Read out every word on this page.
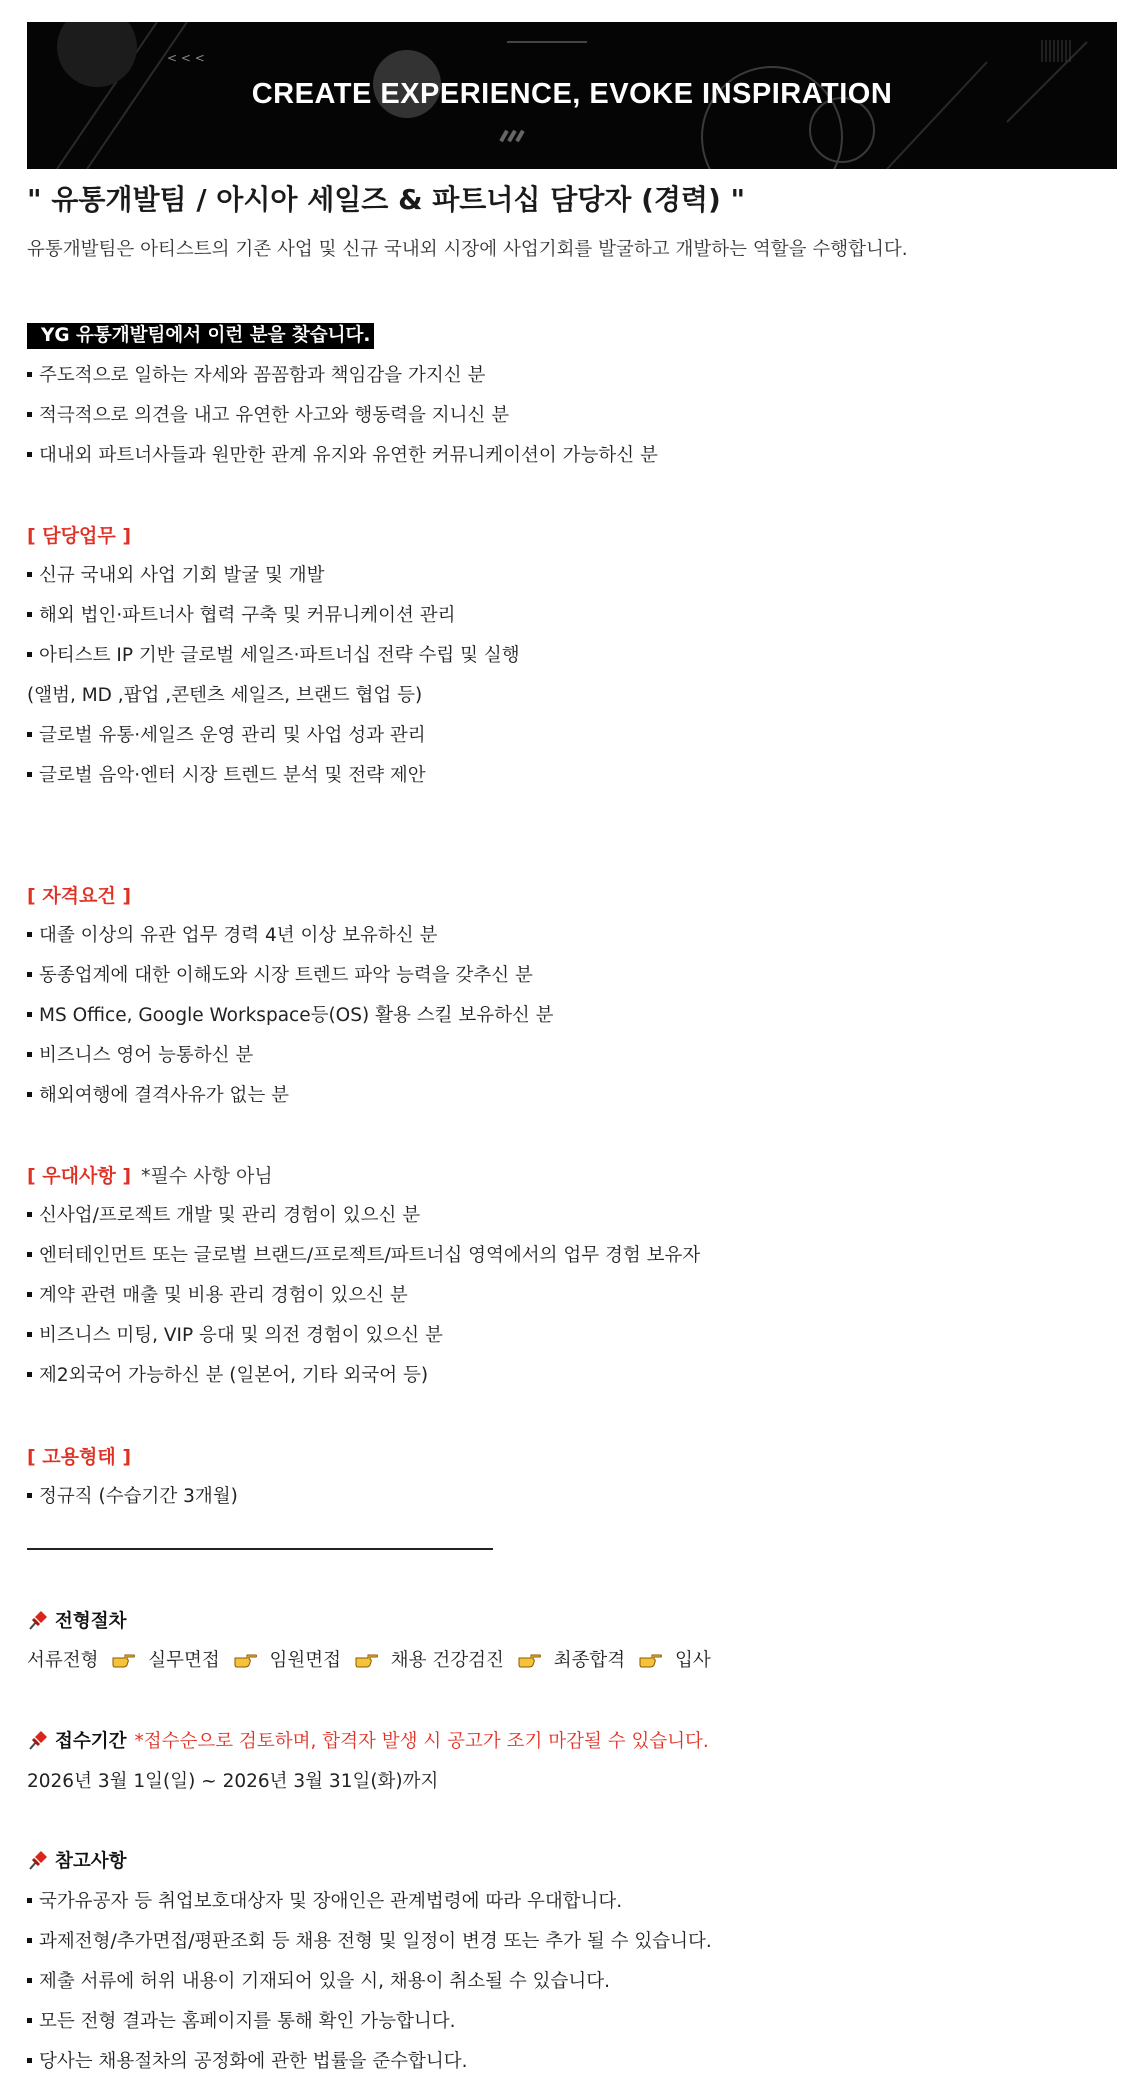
< < <
CREATE EXPERIENCE, EVOKE INSPIRATION
" 유통개발팀 / 아시아 세일즈 & 파트너십 담당자 (경력) "
유통개발팀은 아티스트의 기존 사업 및 신규 국내외 시장에 사업기회를 발굴하고 개발하는 역할을 수행합니다.
YG 유통개발팀에서 이런 분을 찾습니다.
주도적으로 일하는 자세와 꼼꼼함과 책임감을 가지신 분
적극적으로 의견을 내고 유연한 사고와 행동력을 지니신 분
대내외 파트너사들과 원만한 관계 유지와 유연한 커뮤니케이션이 가능하신 분
[ 담당업무 ]
신규 국내외 사업 기회 발굴 및 개발
해외 법인·파트너사 협력 구축 및 커뮤니케이션 관리
아티스트 IP 기반 글로벌 세일즈·파트너십 전략 수립 및 실행
(앨범, MD ,팝업 ,콘텐츠 세일즈, 브랜드 협업 등)
글로벌 유통·세일즈 운영 관리 및 사업 성과 관리
글로벌 음악·엔터 시장 트렌드 분석 및 전략 제안
[ 자격요건 ]
대졸 이상의 유관 업무 경력 4년 이상 보유하신 분
동종업계에 대한 이해도와 시장 트렌드 파악 능력을 갖추신 분
MS Office, Google Workspace등(OS) 활용 스킬 보유하신 분
비즈니스 영어 능통하신 분
해외여행에 결격사유가 없는 분
[ 우대사항 ] *필수 사항 아님
신사업/프로젝트 개발 및 관리 경험이 있으신 분
엔터테인먼트 또는 글로벌 브랜드/프로젝트/파트너십 영역에서의 업무 경험 보유자
계약 관련 매출 및 비용 관리 경험이 있으신 분
비즈니스 미팅, VIP 응대 및 의전 경험이 있으신 분
제2외국어 가능하신 분 (일본어, 기타 외국어 등)
[ 고용형태 ]
정규직 (수습기간 3개월)
전형절차
서류전형	실무면접	임원면접	채용 건강검진	최종합격	입사
접수기간 *접수순으로 검토하며, 합격자 발생 시 공고가 조기 마감될 수 있습니다.
2026년 3월 1일(일) ~ 2026년 3월 31일(화)까지
참고사항
국가유공자 등 취업보호대상자 및 장애인은 관계법령에 따라 우대합니다.
과제전형/추가면접/평판조회 등 채용 전형 및 일정이 변경 또는 추가 될 수 있습니다.
제출 서류에 허위 내용이 기재되어 있을 시, 채용이 취소될 수 있습니다.
모든 전형 결과는 홈페이지를 통해 확인 가능합니다.
당사는 채용절차의 공정화에 관한 법률을 준수합니다.
